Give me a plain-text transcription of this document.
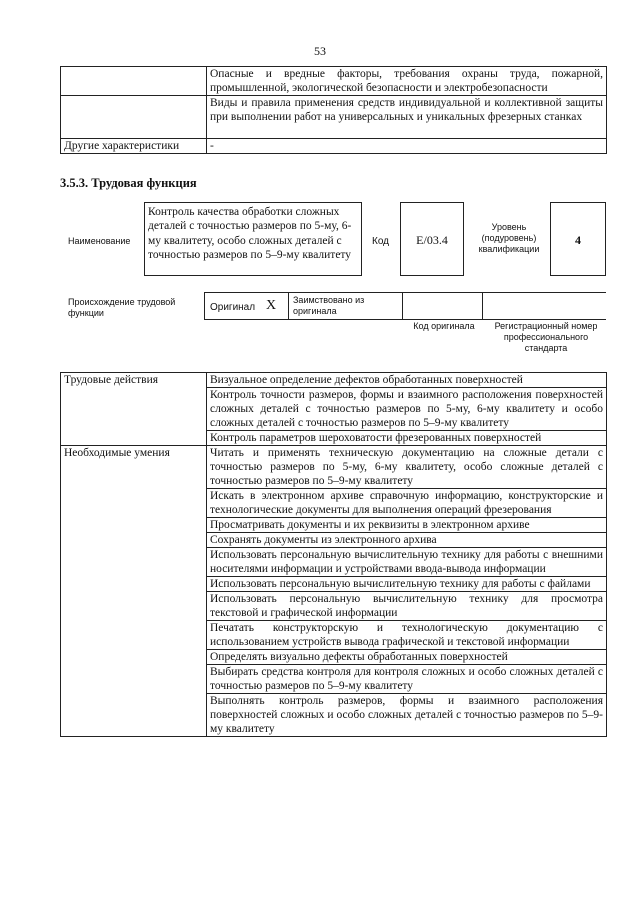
53
	Опасные и вредные факторы, требования охраны труда, пожарной, промышленной, экологической безопасности и электробезопасности
	Виды и правила применения средств индивидуальной и коллективной защиты при выполнении работ на универсальных и уникальных фрезерных станках
Другие характеристики	-
3.5.3. Трудовая функция
Наименование
Контроль качества обработки сложных деталей с точностью размеров по 5-му, 6-му квалитету, особо сложных деталей с точностью размеров по 5–9-му квалитету
Код	E/03.4
Уровень (подуровень) квалификации
4
Происхождение трудовой функции	Оригинал X Заимствовано из оригинала
Код оригинала	Регистрационный номер профессионального стандарта
Трудовые действия	Визуальное определение дефектов обработанных поверхностей
	Контроль точности размеров, формы и взаимного расположения поверхностей сложных деталей с точностью размеров по 5-му, 6-му квалитету и особо сложных деталей с точностью размеров по 5–9-му квалитету
	Контроль параметров шероховатости фрезерованных поверхностей
Необходимые умения	Читать и применять техническую документацию на сложные детали с точностью размеров по 5-му, 6-му квалитету, особо сложные деталей с точностью размеров по 5–9-му квалитету
	Искать в электронном архиве справочную информацию, конструкторские и технологические документы для выполнения операций фрезерования
	Просматривать документы и их реквизиты в электронном архиве
	Сохранять документы из электронного архива
	Использовать персональную вычислительную технику для работы с внешними носителями информации и устройствами ввода-вывода информации
	Использовать персональную вычислительную технику для работы с файлами
	Использовать персональную вычислительную технику для просмотра текстовой и графической информации
	Печатать конструкторскую и технологическую документацию с использованием устройств вывода графической и текстовой информации
	Определять визуально дефекты обработанных поверхностей
	Выбирать средства контроля для контроля сложных и особо сложных деталей с точностью размеров по 5–9-му квалитету
	Выполнять контроль размеров, формы и взаимного расположения поверхностей сложных и особо сложных деталей с точностью размеров по 5–9-му квалитету
